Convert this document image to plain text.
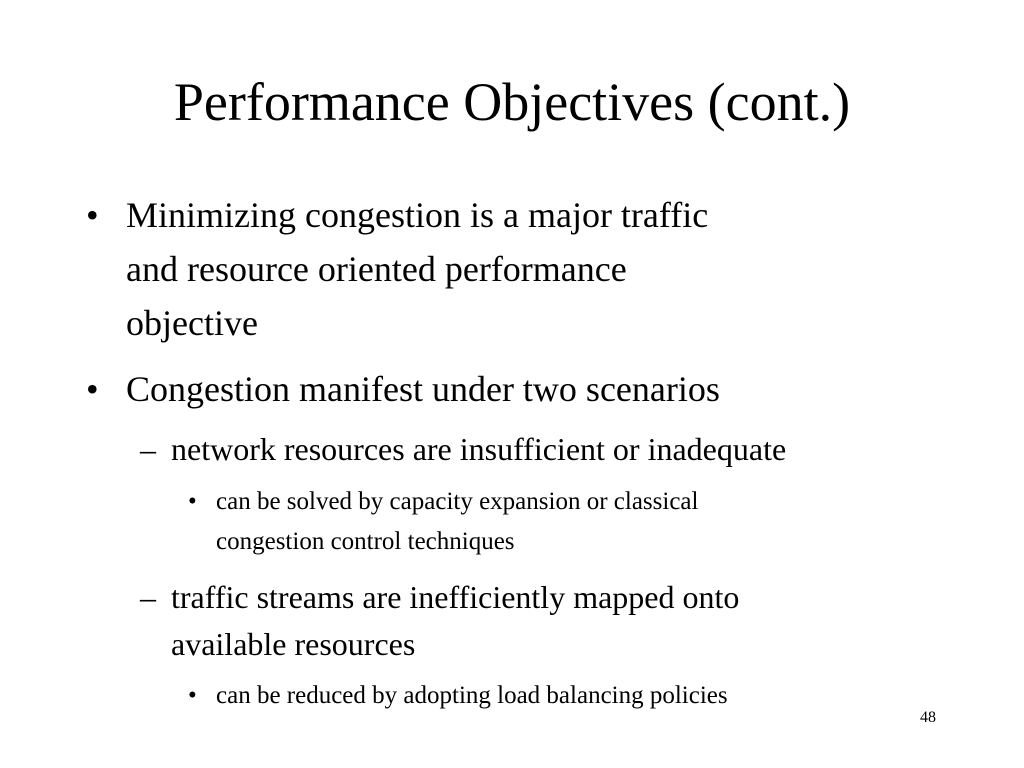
Performance Objectives (cont.)
• Minimizing congestion is a major traffic
and resource oriented performance
objective
• Congestion manifest under two scenarios
– network resources are insufficient or inadequate
• can be solved by capacity expansion or classical
congestion control techniques
– traffic streams are inefficiently mapped onto
available resources
• can be reduced by adopting load balancing policies
48
